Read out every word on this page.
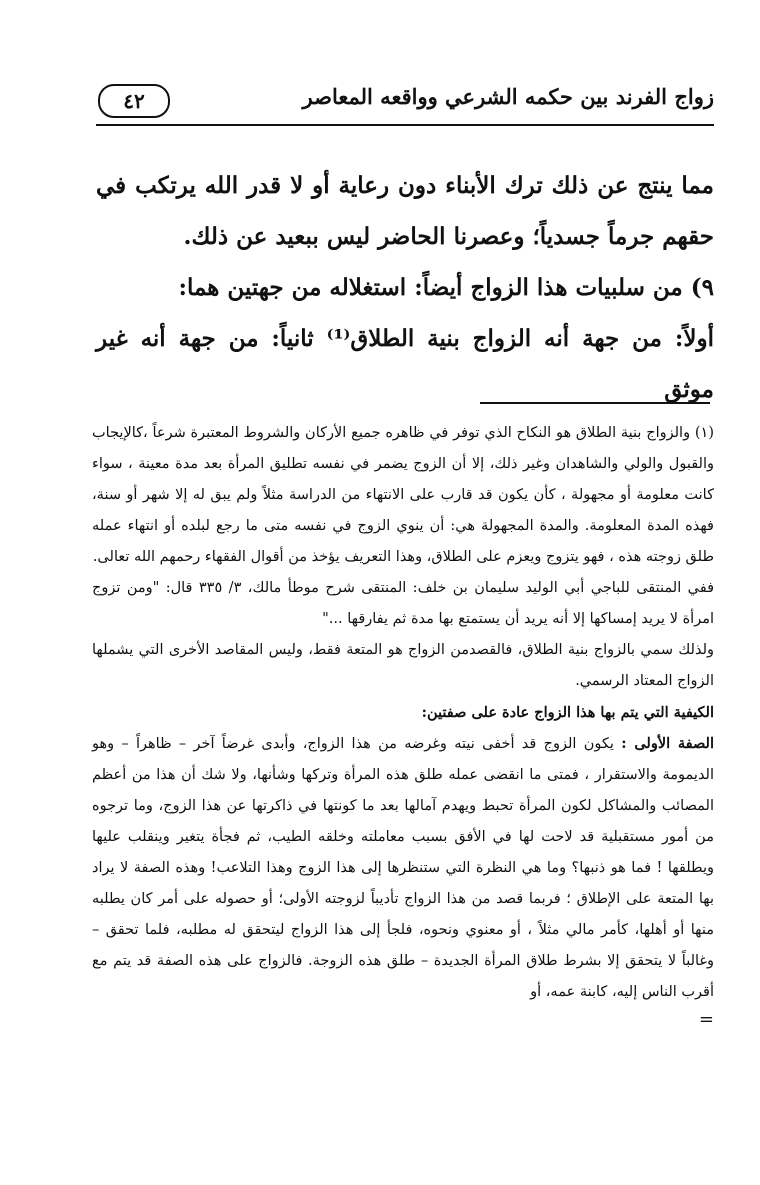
زواج الفرند بين حكمه الشرعي وواقعه المعاصر
٤٢

مما ينتج عن ذلك ترك الأبناء دون رعاية أو لا قدر الله يرتكب في حقهم جرماً جسدياً؛ وعصرنا الحاضر ليس ببعيد عن ذلك.

٩) من سلبيات هذا الزواج أيضاً: استغلاله من جهتين هما:

أولاً: من جهة أنه الزواج بنية الطلاق⁽¹⁾ ثانياً: من جهة أنه غير موثق

(١) والزواج بنية الطلاق هو النكاح الذي توفر في ظاهره جميع الأركان والشروط المعتبرة شرعاً ،كالإيجاب والقبول والولي والشاهدان وغير ذلك، إلا أن الزوج يضمر في نفسه تطليق المرأة بعد مدة معينة ، سواء كانت معلومة أو مجهولة ، كأن يكون قد قارب على الانتهاء من الدراسة مثلاً ولم يبق له إلا شهر أو سنة، فهذه المدة المعلومة. والمدة المجهولة هي: أن ينوي الزوج في نفسه متى ما رجع لبلده أو انتهاء عمله طلق زوجته هذه ، فهو يتزوج ويعزم على الطلاق، وهذا التعريف يؤخذ من أقوال الفقهاء رحمهم الله تعالى.

ففي المنتقى للباجي أبي الوليد سليمان بن خلف: المنتقى شرح موطأ مالك، ٣/ ٣٣٥ قال: "ومن تزوج امرأة لا يريد إمساكها إلا أنه يريد أن يستمتع بها مدة ثم يفارقها ..."

ولذلك سمي بالزواج بنية الطلاق، فالقصدمن الزواج هو المتعة فقط، وليس المقاصد الأخرى التي يشملها الزواج المعتاد الرسمي.

الكيفية التي يتم بها هذا الزواج عادة على صفتين:

الصفة الأولى : يكون الزوج قد أخفى نيته وغرضه من هذا الزواج، وأبدى غرضاً آخر – ظاهراً – وهو الديمومة والاستقرار ، فمتى ما انقضى عمله طلق هذه المرأة وتركها وشأنها، ولا شك أن هذا من أعظم المصائب والمشاكل لكون المرأة تحبط ويهدم آمالها بعد ما كونتها في ذاكرتها عن هذا الزوج، وما ترجوه من أمور مستقبلية قد لاحت لها في الأفق بسبب معاملته وخلقه الطيب، ثم فجأة يتغير وينقلب عليها ويطلقها ! فما هو ذنبها؟ وما هي النظرة التي ستنظرها إلى هذا الزوج وهذا التلاعب! وهذه الصفة لا يراد بها المتعة على الإطلاق ؛ فربما قصد من هذا الزواج تأديباً لزوجته الأولى؛ أو حصوله على أمر كان يطلبه منها أو أهلها، كأمر مالي مثلاً ، أو معنوي ونحوه، فلجأ إلى هذا الزواج ليتحقق له مطلبه، فلما تحقق – وغالباً لا يتحقق إلا بشرط طلاق المرأة الجديدة – طلق هذه الزوجة. فالزواج على هذه الصفة قد يتم مع أقرب الناس إليه، كابنة عمه، أو

=
